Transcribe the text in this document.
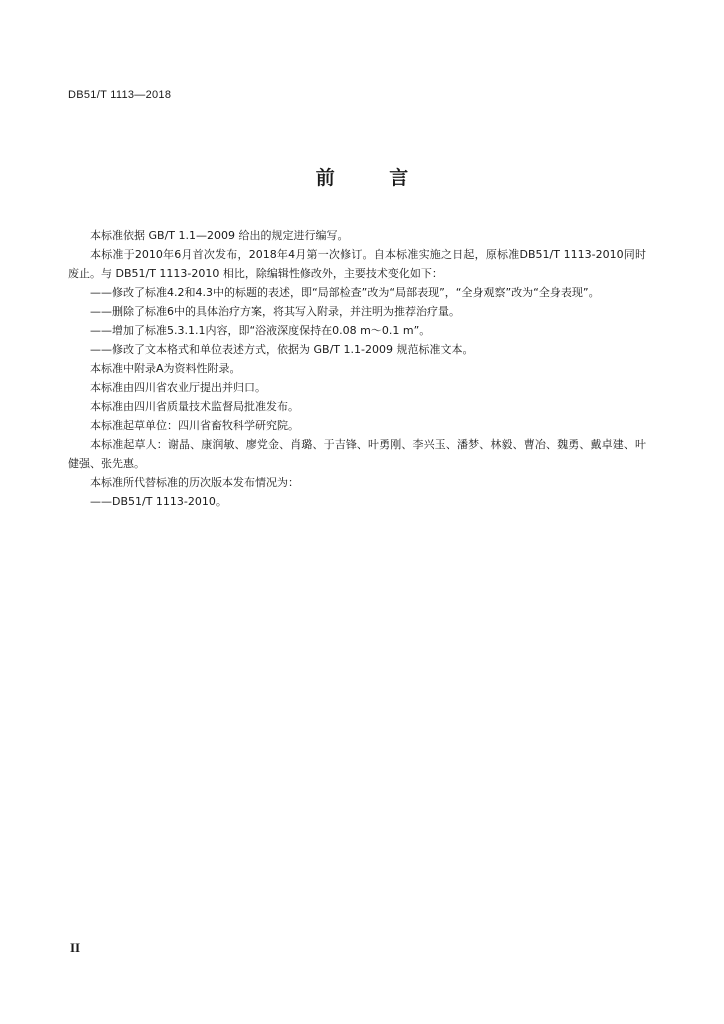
DB51/T 1113—2018
前 言

本标准依据 GB/T 1.1—2009 给出的规定进行编写。

本标准于2010年6月首次发布，2018年4月第一次修订。自本标准实施之日起，原标准DB51/T 1113-2010同时废止。与 DB51/T 1113-2010 相比，除编辑性修改外，主要技术变化如下：

——修改了标准4.2和4.3中的标题的表述，即“局部检查”改为“局部表现”，“全身观察”改为“全身表现”。

——删除了标准6中的具体治疗方案，将其写入附录，并注明为推荐治疗量。

——增加了标准5.3.1.1内容，即“浴液深度保持在0.08 m～0.1 m”。

——修改了文本格式和单位表述方式，依据为 GB/T 1.1-2009 规范标准文本。

本标准中附录A为资料性附录。

本标准由四川省农业厅提出并归口。

本标准由四川省质量技术监督局批准发布。

本标准起草单位：四川省畜牧科学研究院。

本标准起草人：谢晶、康润敏、廖党金、肖璐、于吉锋、叶勇刚、李兴玉、潘梦、林毅、曹冶、魏勇、戴卓建、叶健强、张先惠。

本标准所代替标准的历次版本发布情况为：

——DB51/T 1113-2010。

II
